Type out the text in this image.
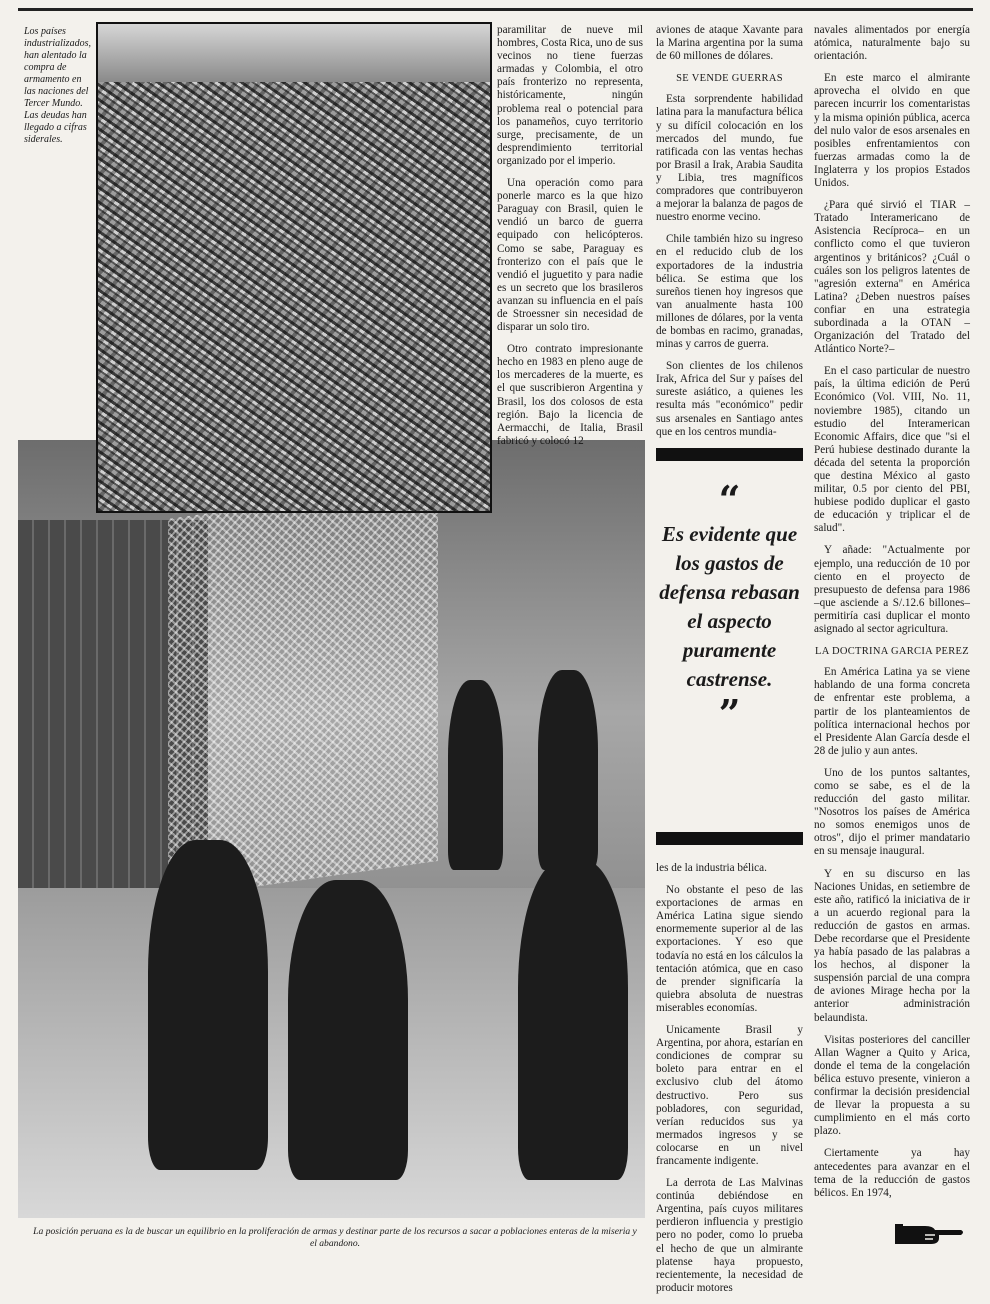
Los países industrializados, han alentado la compra de armamento en las naciones del Tercer Mundo. Las deudas han llegado a cifras siderales.

paramilitar de nueve mil hombres, Costa Rica, uno de sus vecinos no tiene fuerzas armadas y Colombia, el otro país fronterizo no representa, históricamente, ningún problema real o potencial para los panameños, cuyo territorio surge, precisamente, de un desprendimiento territorial organizado por el imperio.

Una operación como para ponerle marco es la que hizo Paraguay con Brasil, quien le vendió un barco de guerra equipado con helicópteros. Como se sabe, Paraguay es fronterizo con el país que le vendió el juguetito y para nadie es un secreto que los brasileros avanzan su influencia en el país de Stroessner sin necesidad de disparar un solo tiro.

Otro contrato impresionante hecho en 1983 en pleno auge de los mercaderes de la muerte, es el que suscribieron Argentina y Brasil, los dos colosos de esta región. Bajo la licencia de Aermacchi, de Italia, Brasil fabricó y colocó 12

aviones de ataque Xavante para la Marina argentina por la suma de 60 millones de dólares.

SE VENDE GUERRAS

Esta sorprendente habilidad latina para la manufactura bélica y su difícil colocación en los mercados del mundo, fue ratificada con las ventas hechas por Brasil a Irak, Arabia Saudita y Libia, tres magníficos compradores que contribuyeron a mejorar la balanza de pagos de nuestro enorme vecino.

Chile también hizo su ingreso en el reducido club de los exportadores de la industria bélica. Se estima que los sureños tienen hoy ingresos que van anualmente hasta 100 millones de dólares, por la venta de bombas en racimo, granadas, minas y carros de guerra.

Son clientes de los chilenos Irak, Africa del Sur y países del sureste asiático, a quienes les resulta más "económico" pedir sus arsenales en Santiago antes que en los centros mundia-

“
Es evidente que los gastos de defensa rebasan el aspecto puramente castrense.
”

les de la industria bélica.

No obstante el peso de las exportaciones de armas en América Latina sigue siendo enormemente superior al de las exportaciones. Y eso que todavía no está en los cálculos la tentación atómica, que en caso de prender significaría la quiebra absoluta de nuestras miserables economías.

Unicamente Brasil y Argentina, por ahora, estarían en condiciones de comprar su boleto para entrar en el exclusivo club del átomo destructivo. Pero sus pobladores, con seguridad, verían reducidos sus ya mermados ingresos y se colocarse en un nivel francamente indigente.

La derrota de Las Malvinas continúa debiéndose en Argentina, país cuyos militares perdieron influencia y prestigio pero no poder, como lo prueba el hecho de que un almirante platense haya propuesto, recientemente, la necesidad de producir motores

navales alimentados por energía atómica, naturalmente bajo su orientación.

En este marco el almirante aprovecha el olvido en que parecen incurrir los comentaristas y la misma opinión pública, acerca del nulo valor de esos arsenales en posibles enfrentamientos con fuerzas armadas como la de Inglaterra y los propios Estados Unidos.

¿Para qué sirvió el TIAR –Tratado Interamericano de Asistencia Recíproca– en un conflicto como el que tuvieron argentinos y británicos? ¿Cuál o cuáles son los peligros latentes de "agresión externa" en América Latina? ¿Deben nuestros países confiar en una estrategia subordinada a la OTAN –Organización del Tratado del Atlántico Norte?–

En el caso particular de nuestro país, la última edición de Perú Económico (Vol. VIII, No. 11, noviembre 1985), citando un estudio del Interamerican Economic Affairs, dice que "si el Perú hubiese destinado durante la década del setenta la proporción que destina México al gasto militar, 0.5 por ciento del PBI, hubiese podido duplicar el gasto de educación y triplicar el de salud".

Y añade: "Actualmente por ejemplo, una reducción de 10 por ciento en el proyecto de presupuesto de defensa para 1986 –que asciende a S/.12.6 billones– permitiría casi duplicar el monto asignado al sector agricultura.

LA DOCTRINA GARCIA PEREZ

En América Latina ya se viene hablando de una forma concreta de enfrentar este problema, a partir de los planteamientos de política internacional hechos por el Presidente Alan García desde el 28 de julio y aun antes.

Uno de los puntos saltantes, como se sabe, es el de la reducción del gasto militar. "Nosotros los países de América no somos enemigos unos de otros", dijo el primer mandatario en su mensaje inaugural.

Y en su discurso en las Naciones Unidas, en setiembre de este año, ratificó la iniciativa de ir a un acuerdo regional para la reducción de gastos en armas. Debe recordarse que el Presidente ya había pasado de las palabras a los hechos, al disponer la suspensión parcial de una compra de aviones Mirage hecha por la anterior administración belaundista.

Visitas posteriores del canciller Allan Wagner a Quito y Arica, donde el tema de la congelación bélica estuvo presente, vinieron a confirmar la decisión presidencial de llevar la propuesta a su cumplimiento en el más corto plazo.

Ciertamente ya hay antecedentes para avanzar en el tema de la reducción de gastos bélicos. En 1974,

La posición peruana es la de buscar un equilibrio en la proliferación de armas y destinar parte de los recursos a sacar a poblaciones enteras de la miseria y el abandono.
